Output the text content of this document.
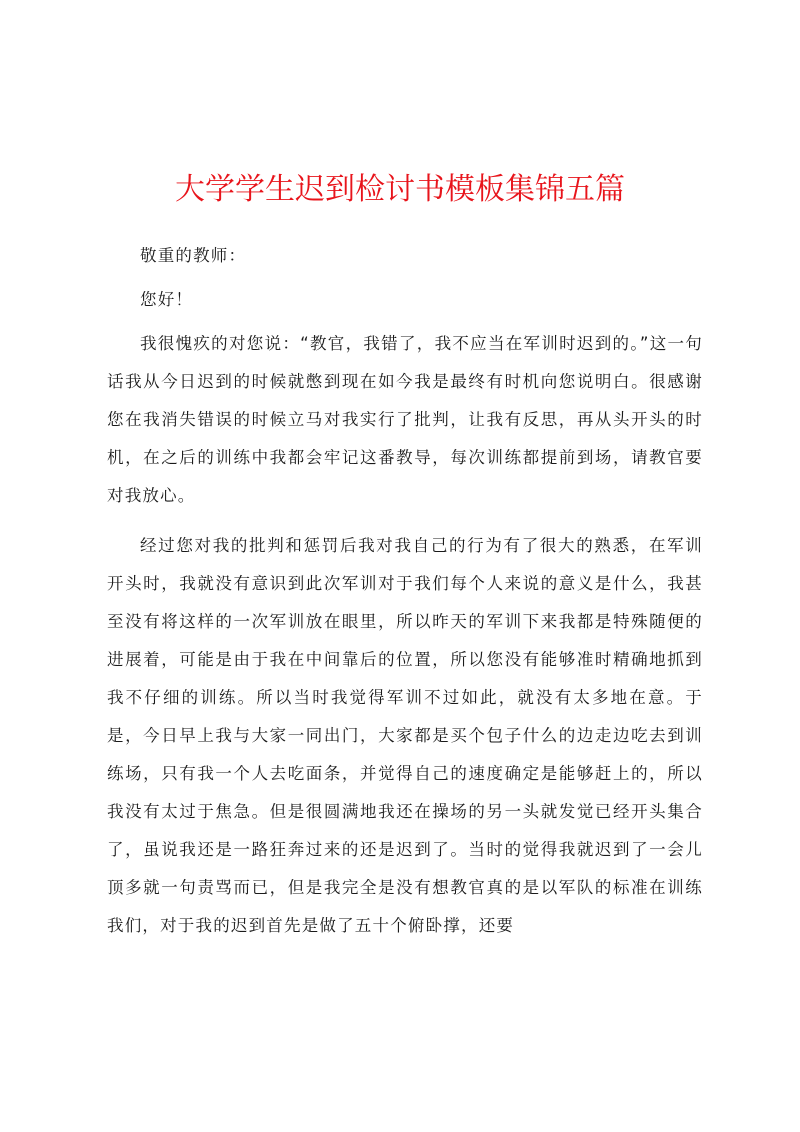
大学学生迟到检讨书模板集锦五篇

敬重的教师：

您好！

我很愧疚的对您说：“教官，我错了，我不应当在军训时迟到的。”这一句话我从今日迟到的时候就憋到现在如今我是最终有时机向您说明白。很感谢您在我消失错误的时候立马对我实行了批判，让我有反思，再从头开头的时机，在之后的训练中我都会牢记这番教导，每次训练都提前到场，请教官要对我放心。

经过您对我的批判和惩罚后我对我自己的行为有了很大的熟悉，在军训开头时，我就没有意识到此次军训对于我们每个人来说的意义是什么，我甚至没有将这样的一次军训放在眼里，所以昨天的军训下来我都是特殊随便的进展着，可能是由于我在中间靠后的位置，所以您没有能够准时精确地抓到我不仔细的训练。所以当时我觉得军训不过如此，就没有太多地在意。于是，今日早上我与大家一同出门，大家都是买个包子什么的边走边吃去到训练场，只有我一个人去吃面条，并觉得自己的速度确定是能够赶上的，所以我没有太过于焦急。但是很圆满地我还在操场的另一头就发觉已经开头集合了，虽说我还是一路狂奔过来的还是迟到了。当时的觉得我就迟到了一会儿顶多就一句责骂而已，但是我完全是没有想教官真的是以军队的标准在训练我们，对于我的迟到首先是做了五十个俯卧撑，还要
